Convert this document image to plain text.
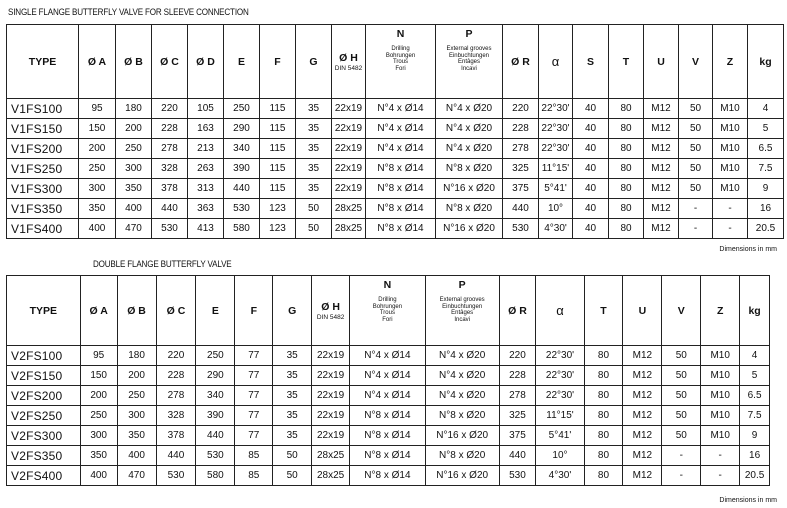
SINGLE FLANGE BUTTERFLY VALVE FOR SLEEVE CONNECTION
TYPE	Ø A	Ø B	Ø C	Ø D	E	F	G	Ø H
DIN 5482	N
Drilling
Bohrungen
Trous
Fori	P
External grooves
Einbuchtungen
Entâges
Incavi	Ø R	α	S	T	U	V	Z	kg
V1FS100	95	180	220	105	250	115	35	22x19	N°4 x Ø14	N°4 x Ø20	220	22°30'	40	80	M12	50	M10	4
V1FS150	150	200	228	163	290	115	35	22x19	N°4 x Ø14	N°4 x Ø20	228	22°30'	40	80	M12	50	M10	5
V1FS200	200	250	278	213	340	115	35	22x19	N°4 x Ø14	N°4 x Ø20	278	22°30'	40	80	M12	50	M10	6.5
V1FS250	250	300	328	263	390	115	35	22x19	N°8 x Ø14	N°8 x Ø20	325	11°15'	40	80	M12	50	M10	7.5
V1FS300	300	350	378	313	440	115	35	22x19	N°8 x Ø14	N°16 x Ø20	375	5°41'	40	80	M12	50	M10	9
V1FS350	350	400	440	363	530	123	50	28x25	N°8 x Ø14	N°8 x Ø20	440	10°	40	80	M12	-	-	16
V1FS400	400	470	530	413	580	123	50	28x25	N°8 x Ø14	N°16 x Ø20	530	4°30'	40	80	M12	-	-	20.5
Dimensions in mm
DOUBLE FLANGE BUTTERFLY VALVE
TYPE	Ø A	Ø B	Ø C	E	F	G	Ø H
DIN 5482	N
Drilling
Bohrungen
Trous
Fori	P
External grooves
Einbuchtungen
Entâges
Incavi	Ø R	α	T	U	V	Z	kg
V2FS100	95	180	220	250	77	35	22x19	N°4 x Ø14	N°4 x Ø20	220	22°30'	80	M12	50	M10	4
V2FS150	150	200	228	290	77	35	22x19	N°4 x Ø14	N°4 x Ø20	228	22°30'	80	M12	50	M10	5
V2FS200	200	250	278	340	77	35	22x19	N°4 x Ø14	N°4 x Ø20	278	22°30'	80	M12	50	M10	6.5
V2FS250	250	300	328	390	77	35	22x19	N°8 x Ø14	N°8 x Ø20	325	11°15'	80	M12	50	M10	7.5
V2FS300	300	350	378	440	77	35	22x19	N°8 x Ø14	N°16 x Ø20	375	5°41'	80	M12	50	M10	9
V2FS350	350	400	440	530	85	50	28x25	N°8 x Ø14	N°8 x Ø20	440	10°	80	M12	-	-	16
V2FS400	400	470	530	580	85	50	28x25	N°8 x Ø14	N°16 x Ø20	530	4°30'	80	M12	-	-	20.5
Dimensions in mm
